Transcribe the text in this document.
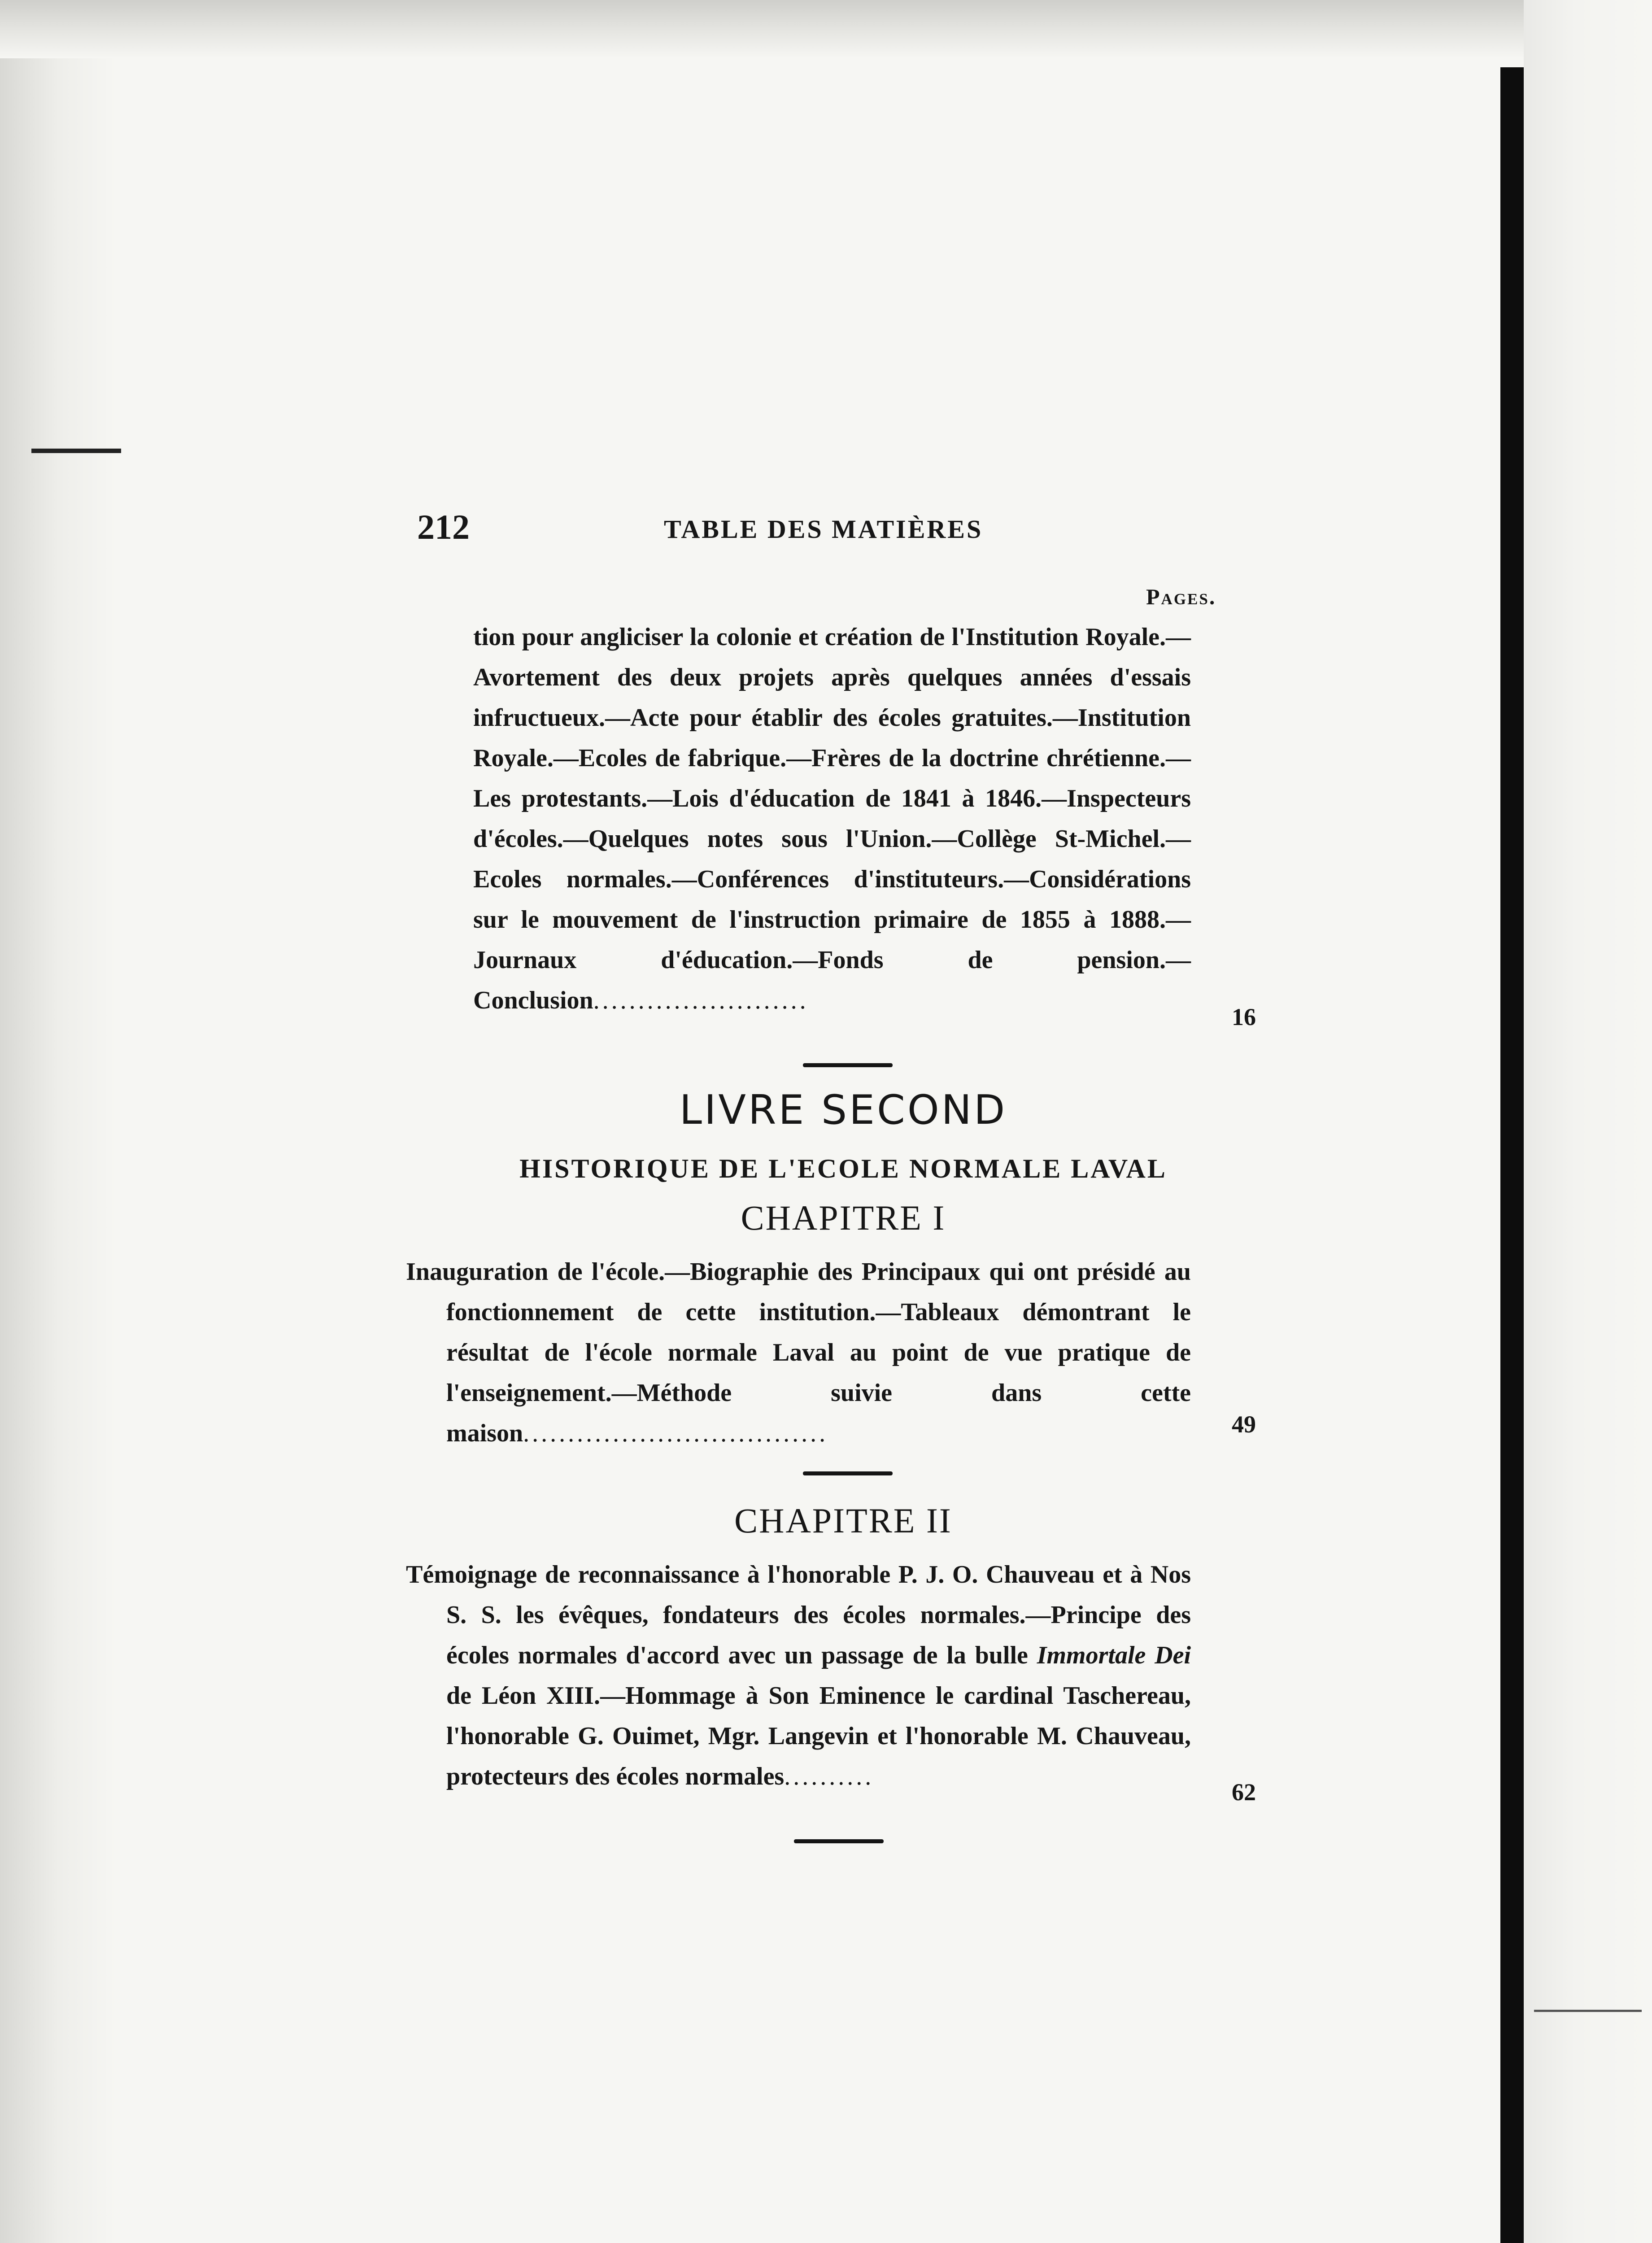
212	TABLE DES MATIÈRES
Pages.
tion pour angliciser la colonie et création de l'Institution Royale.—Avortement des deux projets après quelques années d'essais infructueux.—Acte pour établir des écoles gratuites.—Institution Royale.—Ecoles de fabrique.—Frères de la doctrine chrétienne.—Les protestants.—Lois d'éducation de 1841 à 1846.—Inspecteurs d'écoles.—Quelques notes sous l'Union.—Collège St-Michel.—Ecoles normales.—Conférences d'instituteurs.—Considérations sur le mouvement de l'instruction primaire de 1855 à 1888.—Journaux d'éducation.—Fonds de pension.—Conclusion........................
16
LIVRE SECOND
HISTORIQUE DE L'ECOLE NORMALE LAVAL
CHAPITRE I
Inauguration de l'école.—Biographie des Principaux qui ont présidé au fonctionnement de cette institution.—Tableaux démontrant le résultat de l'école normale Laval au point de vue pratique de l'enseignement.—Méthode suivie dans cette maison..................................	49
CHAPITRE II
Témoignage de reconnaissance à l'honorable P. J. O. Chauveau et à Nos S. S. les évêques, fondateurs des écoles normales.—Principe des écoles normales d'accord avec un passage de la bulle Immortale Dei de Léon XIII.—Hommage à Son Eminence le cardinal Taschereau, l'honorable G. Ouimet, Mgr. Langevin et l'honorable M. Chauveau, protecteurs des écoles normales..........
62
